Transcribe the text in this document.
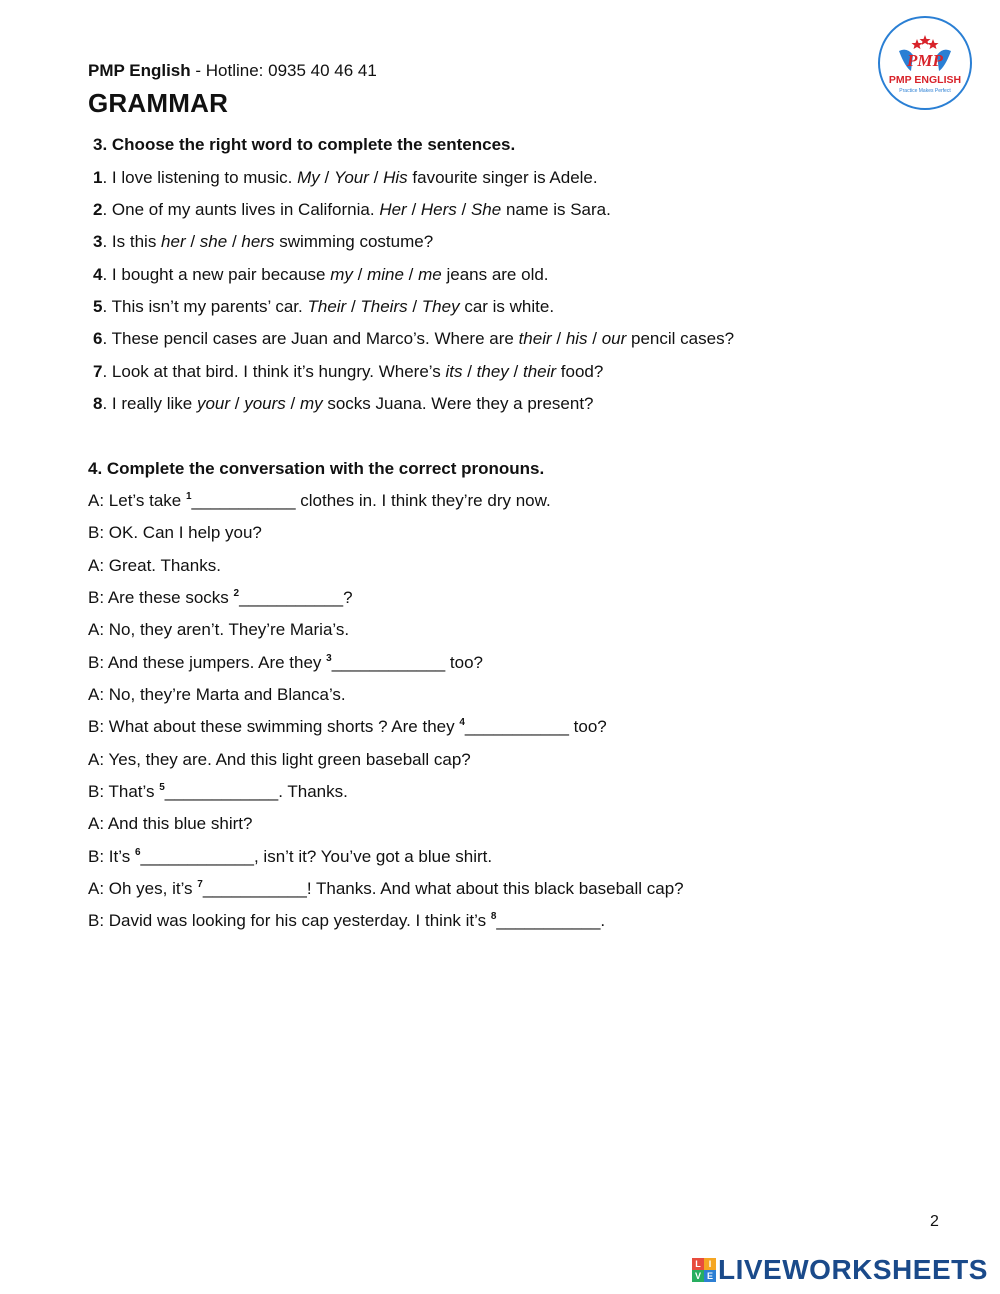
PMP English - Hotline: 0935 40 46 41
GRAMMAR
PMP
PMP ENGLISH
Practice Makes Perfect
3. Choose the right word to complete the sentences.
1. I love listening to music. My / Your / His favourite singer is Adele.
2. One of my aunts lives in California. Her / Hers / She name is Sara.
3. Is this her / she / hers swimming costume?
4. I bought a new pair because my / mine / me jeans are old.
5. This isn’t my parents’ car. Their / Theirs / They car is white.
6. These pencil cases are Juan and Marco’s. Where are their / his / our pencil cases?
7. Look at that bird. I think it’s hungry. Where’s its / they / their food?
8. I really like your / yours / my socks Juana. Were they a present?
4. Complete the conversation with the correct pronouns.
A: Let’s take $^1$___________ clothes in. I think they’re dry now.
B: OK. Can I help you?
A: Great. Thanks.
B: Are these socks $^2$___________?
A: No, they aren’t. They’re Maria’s.
B: And these jumpers. Are they $^3$____________ too?
A: No, they’re Marta and Blanca’s.
B: What about these swimming shorts ? Are they $^4$___________ too?
A: Yes, they are. And this light green baseball cap?
B: That’s $^5$____________. Thanks.
A: And this blue shirt?
B: It’s $^6$____________, isn’t it? You’ve got a blue shirt.
A: Oh yes, it’s $^7$___________! Thanks. And what about this black baseball cap?
B: David was looking for his cap yesterday. I think it’s $^8$___________.
2
L I
V E LIVEWORKSHEETS
